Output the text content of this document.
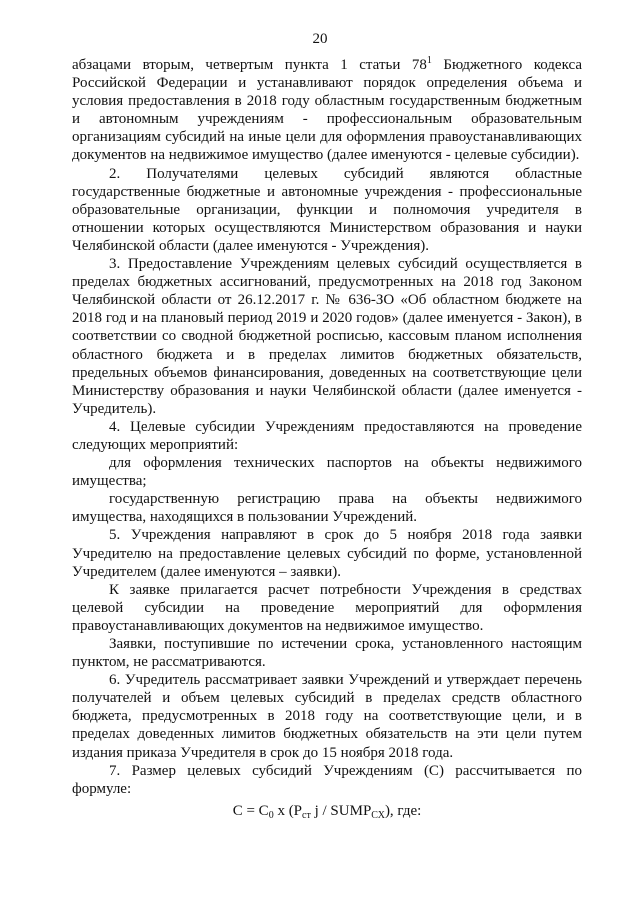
20

абзацами вторым, четвертым пункта 1 статьи $78^1$ Бюджетного кодекса Российской Федерации и устанавливают порядок определения объема и условия предоставления в 2018 году областным государственным бюджетным и автономным учреждениям - профессиональным образовательным организациям субсидий на иные цели для оформления правоустанавливающих документов на недвижимое имущество (далее именуются - целевые субсидии).

2. Получателями целевых субсидий являются областные государственные бюджетные и автономные учреждения - профессиональные образовательные организации, функции и полномочия учредителя в отношении которых осуществляются Министерством образования и науки Челябинской области (далее именуются - Учреждения).

3. Предоставление Учреждениям целевых субсидий осуществляется в пределах бюджетных ассигнований, предусмотренных на 2018 год Законом Челябинской области от 26.12.2017 г. № 636-ЗО «Об областном бюджете на 2018 год и на плановый период 2019 и 2020 годов» (далее именуется - Закон), в соответствии со сводной бюджетной росписью, кассовым планом исполнения областного бюджета и в пределах лимитов бюджетных обязательств, предельных объемов финансирования, доведенных на соответствующие цели Министерству образования и науки Челябинской области (далее именуется - Учредитель).

4. Целевые субсидии Учреждениям предоставляются на проведение следующих мероприятий:

для оформления технических паспортов на объекты недвижимого имущества;

государственную регистрацию права на объекты недвижимого имущества, находящихся в пользовании Учреждений.

5. Учреждения направляют в срок до 5 ноября 2018 года заявки Учредителю на предоставление целевых субсидий по форме, установленной Учредителем (далее именуются – заявки).

К заявке прилагается расчет потребности Учреждения в средствах целевой субсидии на проведение мероприятий для оформления правоустанавливающих документов на недвижимое имущество.

Заявки, поступившие по истечении срока, установленного настоящим пунктом, не рассматриваются.

6. Учредитель рассматривает заявки Учреждений и утверждает перечень получателей и объем целевых субсидий в пределах средств областного бюджета, предусмотренных в 2018 году на соответствующие цели, и в пределах доведенных лимитов бюджетных обязательств на эти цели путем издания приказа Учредителя в срок до 15 ноября 2018 года.

7. Размер целевых субсидий Учреждениям (С) рассчитывается по формуле:

$С = С_0$ х ($Р_{ст}$ j / $SUMP_{СХ}$), где:
